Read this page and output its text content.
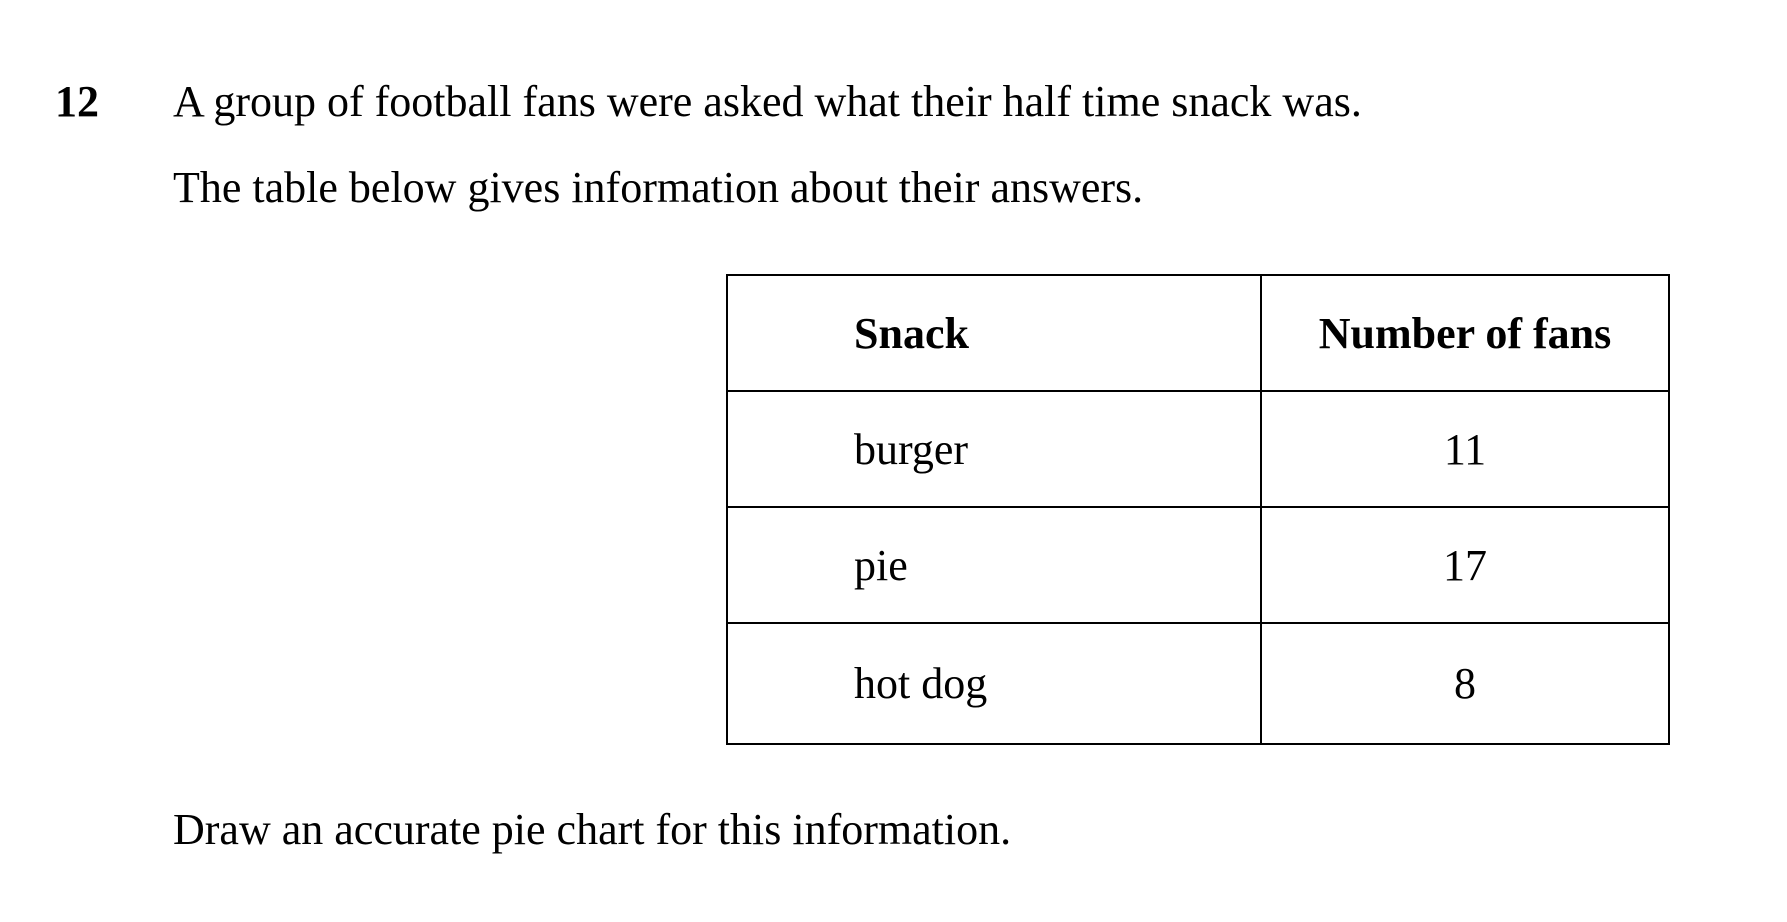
12 A group of football fans were asked what their half time snack was.
The table below gives information about their answers.
Snack	Number of fans
burger	11
pie	17
hot dog	8
Draw an accurate pie chart for this information.
